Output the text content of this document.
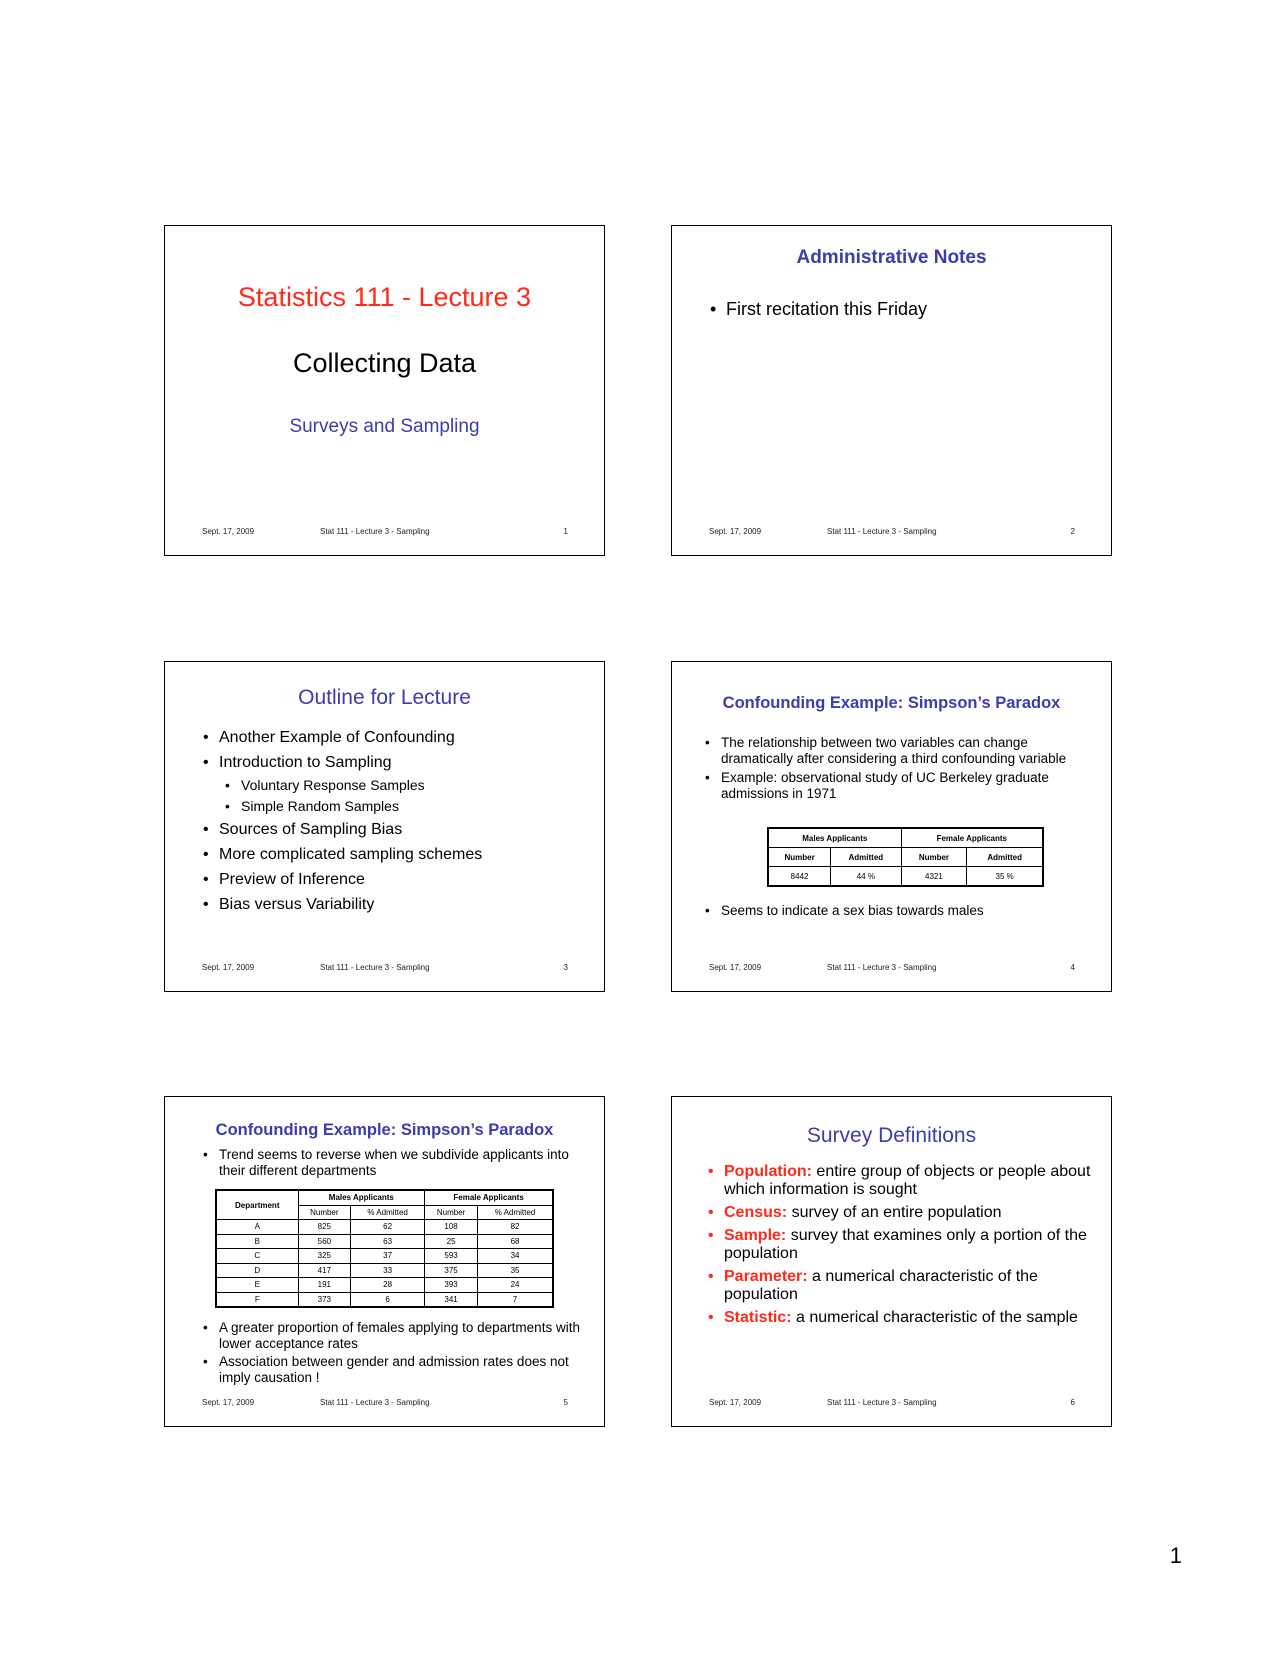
Statistics 111 - Lecture 3
Collecting Data
Surveys and Sampling
Sept. 17, 2009	Stat 111 - Lecture 3 - Sampling	1
Administrative Notes
• First recitation this Friday
Sept. 17, 2009	Stat 111 - Lecture 3 - Sampling	2
Outline for Lecture
• Another Example of Confounding
• Introduction to Sampling
• Voluntary Response Samples
• Simple Random Samples
• Sources of Sampling Bias
• More complicated sampling schemes
• Preview of Inference
• Bias versus Variability
Sept. 17, 2009	Stat 111 - Lecture 3 - Sampling	3
Confounding Example: Simpson’s Paradox
• The relationship between two variables can change dramatically after considering a third confounding variable
• Example: observational study of UC Berkeley graduate admissions in 1971
Males Applicants		Female Applicants	
Number	Admitted	Number	Admitted
8442	44 %	4321	35 %
• Seems to indicate a sex bias towards males
Sept. 17, 2009	Stat 111 - Lecture 3 - Sampling	4
Confounding Example: Simpson’s Paradox
• Trend seems to reverse when we subdivide applicants into their different departments
Department	Males Applicants		Female Applicants	
	Number	% Admitted	Number	% Admitted
A	825	62	108	82
B	560	63	25	68
C	325	37	593	34
D	417	33	375	35
E	191	28	393	24
F	373	6	341	7
• A greater proportion of females applying to departments with lower acceptance rates
• Association between gender and admission rates does not imply causation !
Sept. 17, 2009	Stat 111 - Lecture 3 - Sampling	5
Survey Definitions
• Population: entire group of objects or people about which information is sought
• Census: survey of an entire population
• Sample: survey that examines only a portion of the population
• Parameter: a numerical characteristic of the population
• Statistic: a numerical characteristic of the sample
Sept. 17, 2009	Stat 111 - Lecture 3 - Sampling	6
1
